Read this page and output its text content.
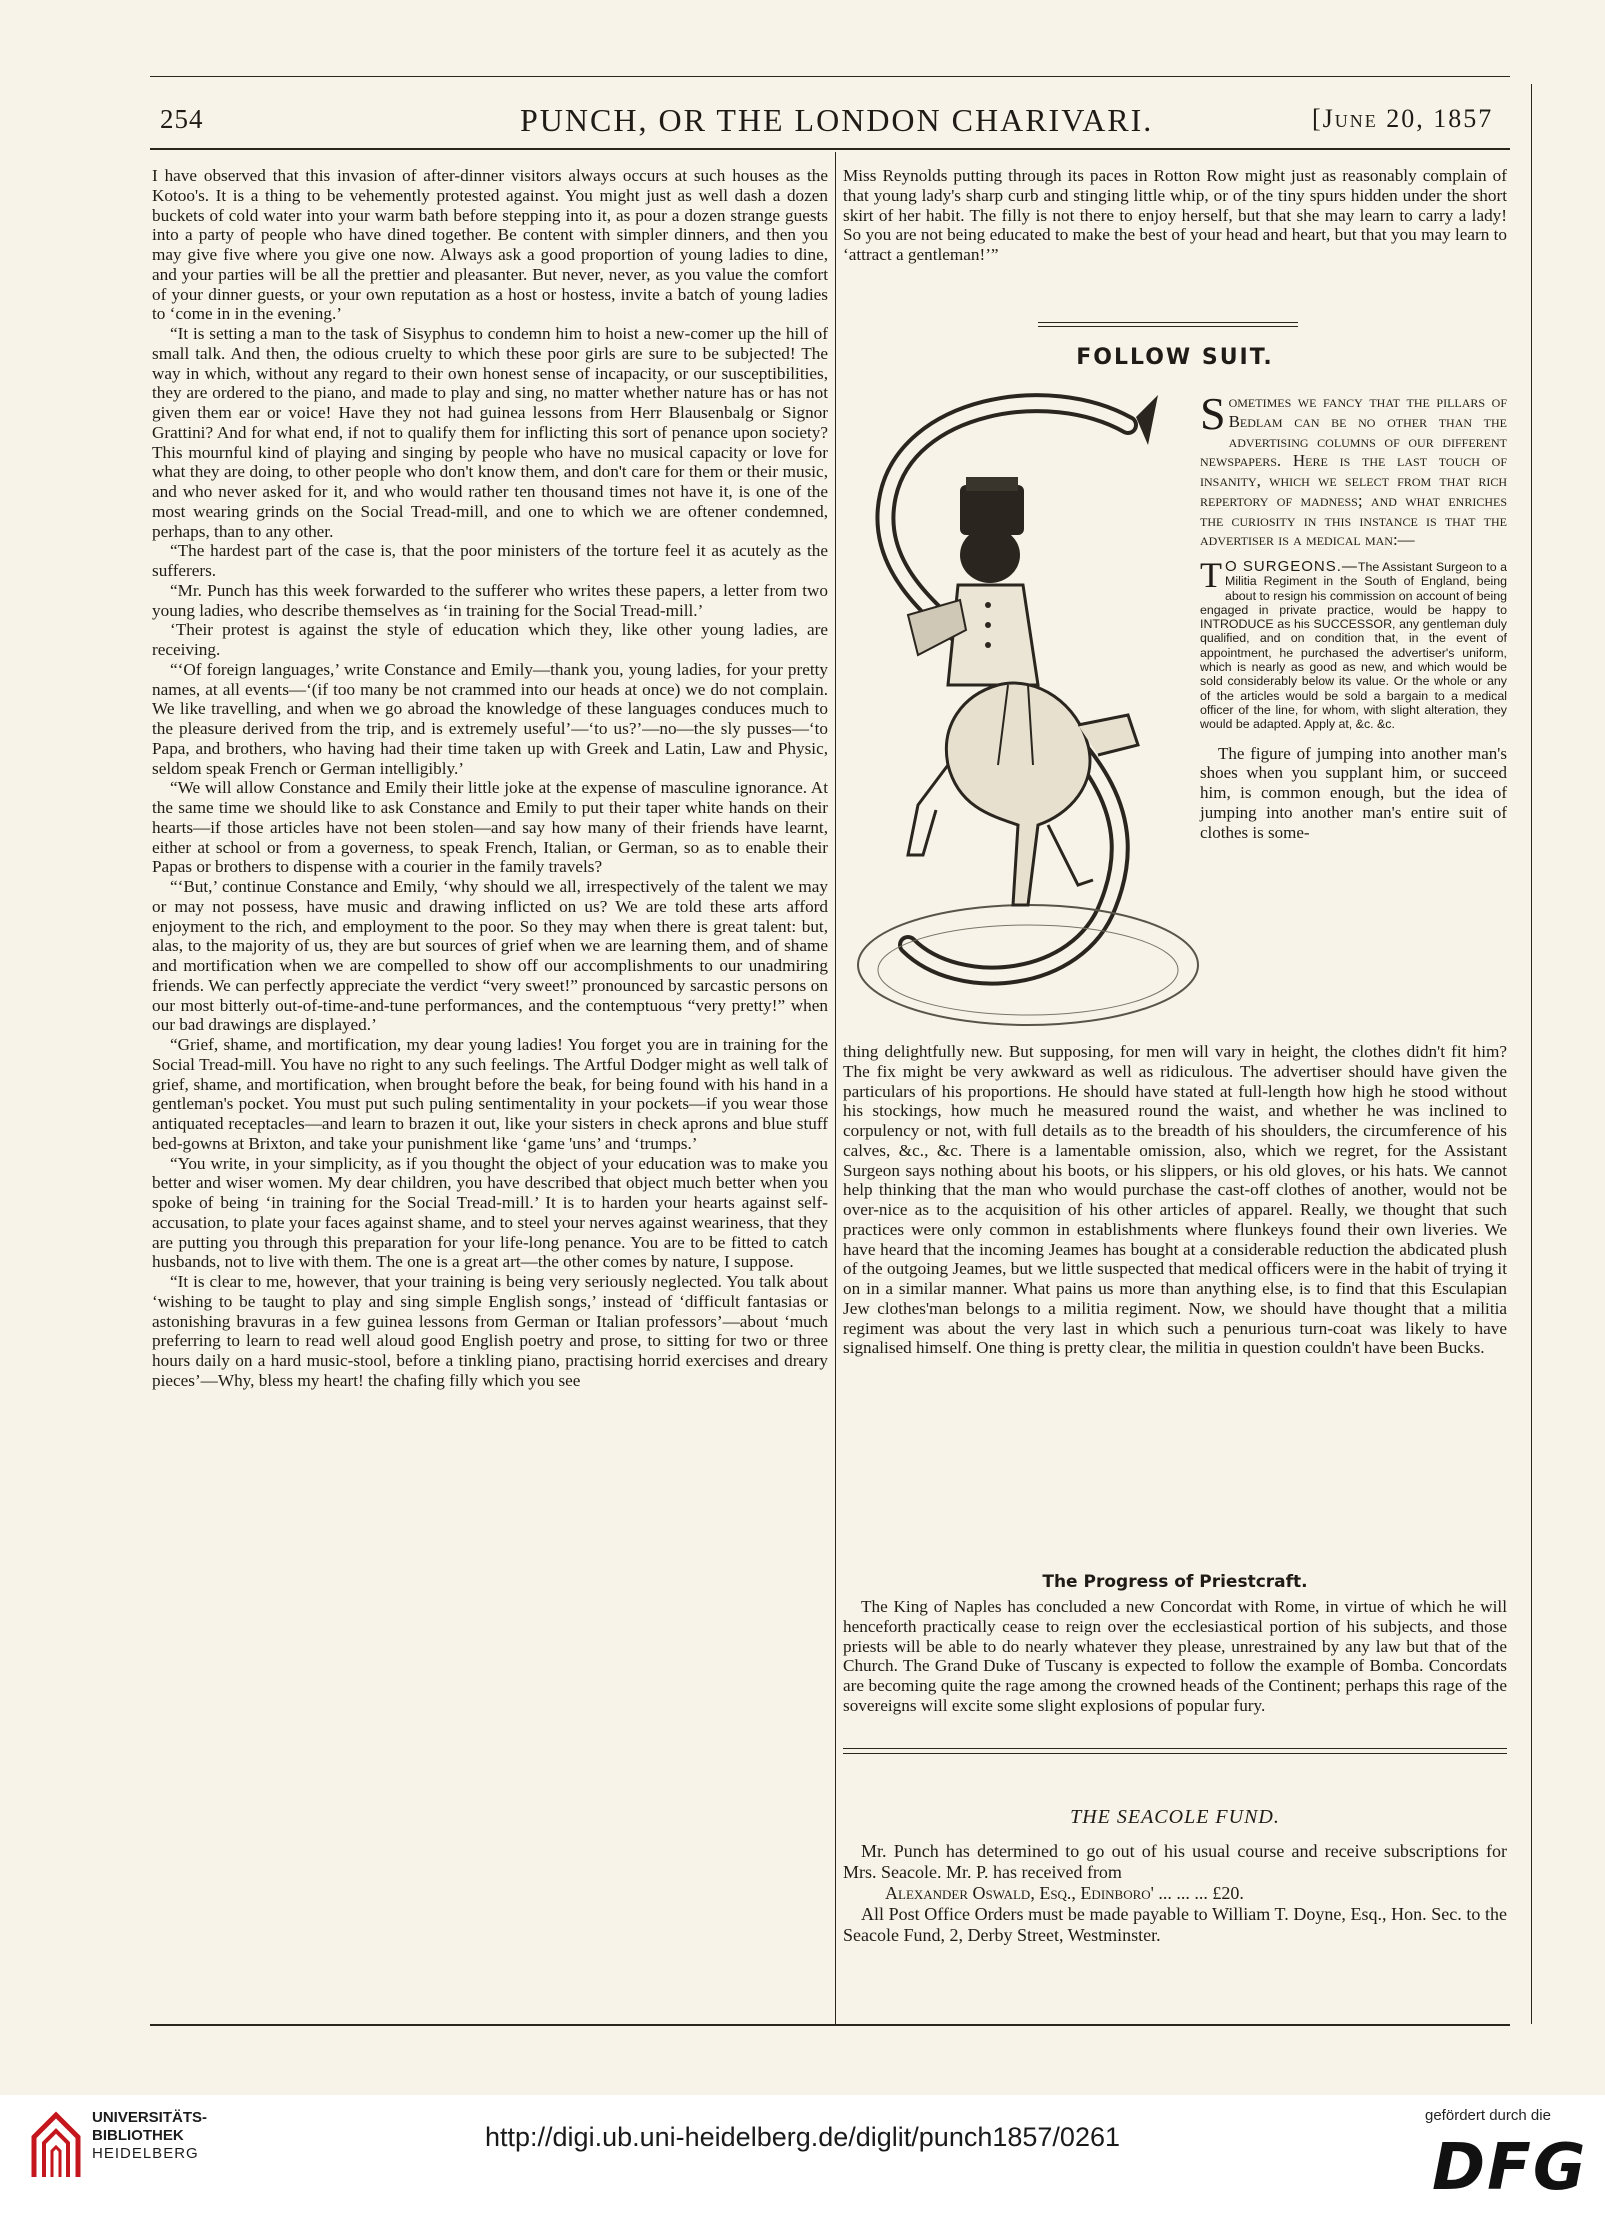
254	PUNCH, OR THE LONDON CHARIVARI.	[June 20, 1857

I have observed that this invasion of after-dinner visitors always occurs at such houses as the Kotoo's. It is a thing to be vehemently protested against. You might just as well dash a dozen buckets of cold water into your warm bath before stepping into it, as pour a dozen strange guests into a party of people who have dined together. Be content with simpler dinners, and then you may give five where you give one now. Always ask a good proportion of young ladies to dine, and your parties will be all the prettier and pleasanter. But never, never, as you value the comfort of your dinner guests, or your own reputation as a host or hostess, invite a batch of young ladies to ‘come in in the evening.’

“It is setting a man to the task of Sisyphus to condemn him to hoist a new-comer up the hill of small talk. And then, the odious cruelty to which these poor girls are sure to be subjected! The way in which, without any regard to their own honest sense of incapacity, or our susceptibilities, they are ordered to the piano, and made to play and sing, no matter whether nature has or has not given them ear or voice! Have they not had guinea lessons from Herr Blausenbalg or Signor Grattini? And for what end, if not to qualify them for inflicting this sort of penance upon society? This mournful kind of playing and singing by people who have no musical capacity or love for what they are doing, to other people who don't know them, and don't care for them or their music, and who never asked for it, and who would rather ten thousand times not have it, is one of the most wearing grinds on the Social Tread-mill, and one to which we are oftener condemned, perhaps, than to any other.

“The hardest part of the case is, that the poor ministers of the torture feel it as acutely as the sufferers.

“Mr. Punch has this week forwarded to the sufferer who writes these papers, a letter from two young ladies, who describe themselves as ‘in training for the Social Tread-mill.’

‘Their protest is against the style of education which they, like other young ladies, are receiving.

“‘Of foreign languages,’ write Constance and Emily—thank you, young ladies, for your pretty names, at all events—‘(if too many be not crammed into our heads at once) we do not complain. We like travelling, and when we go abroad the knowledge of these languages conduces much to the pleasure derived from the trip, and is extremely useful’—‘to us?’—no—the sly pusses—‘to Papa, and brothers, who having had their time taken up with Greek and Latin, Law and Physic, seldom speak French or German intelligibly.’

“We will allow Constance and Emily their little joke at the expense of masculine ignorance. At the same time we should like to ask Constance and Emily to put their taper white hands on their hearts—if those articles have not been stolen—and say how many of their friends have learnt, either at school or from a governess, to speak French, Italian, or German, so as to enable their Papas or brothers to dispense with a courier in the family travels?

“‘But,’ continue Constance and Emily, ‘why should we all, irrespectively of the talent we may or may not possess, have music and drawing inflicted on us? We are told these arts afford enjoyment to the rich, and employment to the poor. So they may when there is great talent: but, alas, to the majority of us, they are but sources of grief when we are learning them, and of shame and mortification when we are compelled to show off our accomplishments to our unadmiring friends. We can perfectly appreciate the verdict “very sweet!” pronounced by sarcastic persons on our most bitterly out-of-time-and-tune performances, and the contemptuous “very pretty!” when our bad drawings are displayed.’

“Grief, shame, and mortification, my dear young ladies! You forget you are in training for the Social Tread-mill. You have no right to any such feelings. The Artful Dodger might as well talk of grief, shame, and mortification, when brought before the beak, for being found with his hand in a gentleman's pocket. You must put such puling sentimentality in your pockets—if you wear those antiquated receptacles—and learn to brazen it out, like your sisters in check aprons and blue stuff bed-gowns at Brixton, and take your punishment like ‘game 'uns’ and ‘trumps.’

“You write, in your simplicity, as if you thought the object of your education was to make you better and wiser women. My dear children, you have described that object much better when you spoke of being ‘in training for the Social Tread-mill.’ It is to harden your hearts against self-accusation, to plate your faces against shame, and to steel your nerves against weariness, that they are putting you through this preparation for your life-long penance. You are to be fitted to catch husbands, not to live with them. The one is a great art—the other comes by nature, I suppose.

“It is clear to me, however, that your training is being very seriously neglected. You talk about ‘wishing to be taught to play and sing simple English songs,’ instead of ‘difficult fantasias or astonishing bravuras in a few guinea lessons from German or Italian professors’—about ‘much preferring to learn to read well aloud good English poetry and prose, to sitting for two or three hours daily on a hard music-stool, before a tinkling piano, practising horrid exercises and dreary pieces’—Why, bless my heart! the chafing filly which you see

Miss Reynolds putting through its paces in Rotton Row might just as reasonably complain of that young lady's sharp curb and stinging little whip, or of the tiny spurs hidden under the short skirt of her habit. The filly is not there to enjoy herself, but that she may learn to carry a lady! So you are not being educated to make the best of your head and heart, but that you may learn to ‘attract a gentleman!’”

FOLLOW SUIT.

Sometimes we fancy that the pillars of Bedlam can be no other than the advertising columns of our different newspapers. Here is the last touch of insanity, which we select from that rich repertory of madness; and what enriches the curiosity in this instance is that the advertiser is a medical man:—

T O SURGEONS.—The Assistant Surgeon to a Militia Regiment in the South of England, being about to resign his commission on account of being engaged in private practice, would be happy to INTRODUCE as his SUCCESSOR, any gentleman duly qualified, and on condition that, in the event of appointment, he purchased the advertiser's uniform, which is nearly as good as new, and which would be sold considerably below its value. Or the whole or any of the articles would be sold a bargain to a medical officer of the line, for whom, with slight alteration, they would be adapted. Apply at, &c. &c.

The figure of jumping into another man's shoes when you supplant him, or succeed him, is common enough, but the idea of jumping into another man's entire suit of clothes is some-

thing delightfully new. But supposing, for men will vary in height, the clothes didn't fit him? The fix might be very awkward as well as ridiculous. The advertiser should have given the particulars of his proportions. He should have stated at full-length how high he stood without his stockings, how much he measured round the waist, and whether he was inclined to corpulency or not, with full details as to the breadth of his shoulders, the circumference of his calves, &c., &c. There is a lamentable omission, also, which we regret, for the Assistant Surgeon says nothing about his boots, or his slippers, or his old gloves, or his hats. We cannot help thinking that the man who would purchase the cast-off clothes of another, would not be over-nice as to the acquisition of his other articles of apparel. Really, we thought that such practices were only common in establishments where flunkeys found their own liveries. We have heard that the incoming Jeames has bought at a considerable reduction the abdicated plush of the outgoing Jeames, but we little suspected that medical officers were in the habit of trying it on in a similar manner. What pains us more than anything else, is to find that this Esculapian Jew clothes'man belongs to a militia regiment. Now, we should have thought that a militia regiment was about the very last in which such a penurious turn-coat was likely to have signalised himself. One thing is pretty clear, the militia in question couldn't have been Bucks.

The Progress of Priestcraft.

The King of Naples has concluded a new Concordat with Rome, in virtue of which he will henceforth practically cease to reign over the ecclesiastical portion of his subjects, and those priests will be able to do nearly whatever they please, unrestrained by any law but that of the Church. The Grand Duke of Tuscany is expected to follow the example of Bomba. Concordats are becoming quite the rage among the crowned heads of the Continent; perhaps this rage of the sovereigns will excite some slight explosions of popular fury.

THE SEACOLE FUND.

Mr. Punch has determined to go out of his usual course and receive subscriptions for Mrs. Seacole. Mr. P. has received from

Alexander Oswald, Esq., Edinboro' ... ... ... £20.

All Post Office Orders must be made payable to William T. Doyne, Esq., Hon. Sec. to the Seacole Fund, 2, Derby Street, Westminster.

UNIVERSITÄTS-
BIBLIOTHEK
HEIDELBERG
http://digi.ub.uni-heidelberg.de/diglit/punch1857/0261
gefördert durch die
DFG
